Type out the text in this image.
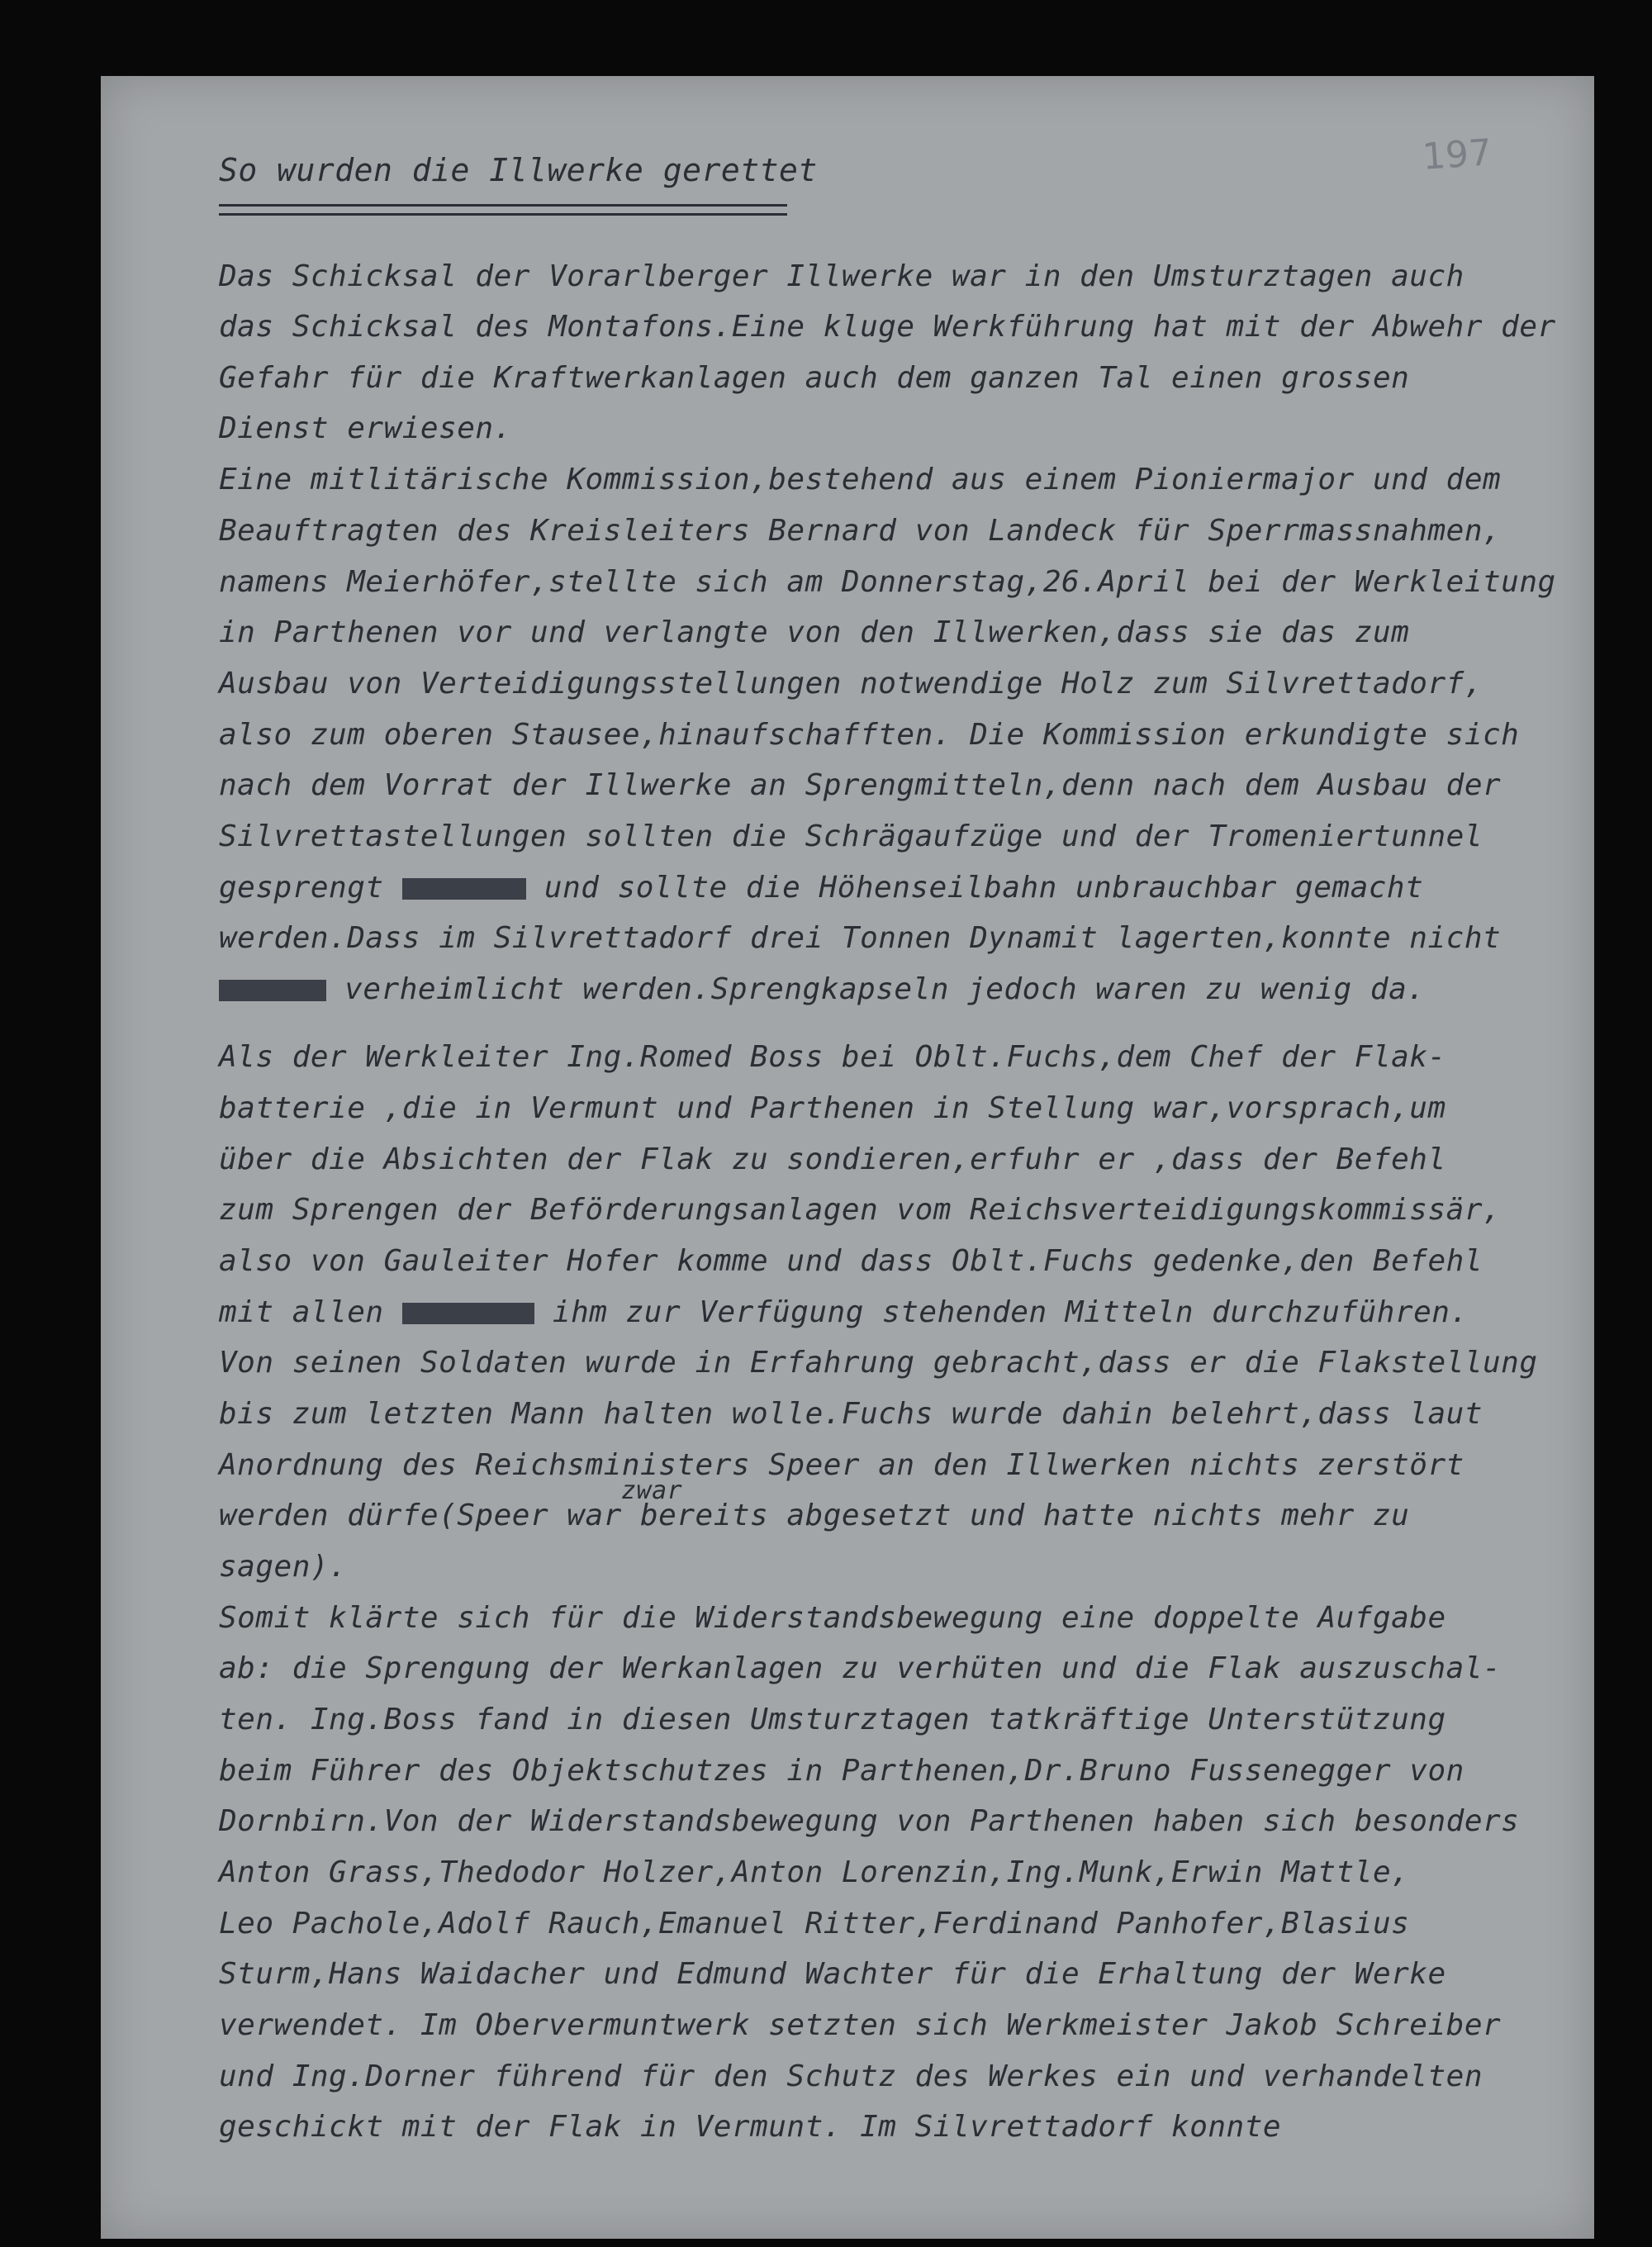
197
So wurden die Illwerke gerettet
Das Schicksal der Vorarlberger Illwerke war in den Umsturztagen auch
das Schicksal des Montafons.Eine kluge Werkführung hat mit der Abwehr der
Gefahr für die Kraftwerkanlagen auch dem ganzen Tal einen grossen
Dienst erwiesen.
Eine mitlitärische Kommission,bestehend aus einem Pioniermajor und dem
Beauftragten des Kreisleiters Bernard von Landeck für Sperrmassnahmen,
namens Meierhöfer,stellte sich am Donnerstag,26.April bei der Werkleitung
in Parthenen vor und verlangte von den Illwerken,dass sie das zum
Ausbau von Verteidigungsstellungen notwendige Holz zum Silvrettadorf,
also zum oberen Stausee,hinaufschafften. Die Kommission erkundigte sich
nach dem Vorrat der Illwerke an Sprengmitteln,denn nach dem Ausbau der
Silvrettastellungen sollten die Schrägaufzüge und der Tromeniertunnel
gesprengt	und sollte die Höhenseilbahn unbrauchbar gemacht
werden.Dass im Silvrettadorf drei Tonnen Dynamit lagerten,konnte nicht
verheimlicht werden.Sprengkapseln jedoch waren zu wenig da.
Als der Werkleiter Ing.Romed Boss bei Oblt.Fuchs,dem Chef der Flak-
batterie ,die in Vermunt und Parthenen in Stellung war,vorsprach,um
über die Absichten der Flak zu sondieren,erfuhr er ,dass der Befehl
zum Sprengen der Beförderungsanlagen vom Reichsverteidigungskommissär,
also von Gauleiter Hofer komme und dass Oblt.Fuchs gedenke,den Befehl
mit allen	ihm zur Verfügung stehenden Mitteln durchzuführen.
Von seinen Soldaten wurde in Erfahrung gebracht,dass er die Flakstellung
bis zum letzten Mann halten wolle.Fuchs wurde dahin belehrt,dass laut
Anordnung des Reichsministers Speer an den Illwerken nichts zerstört
zwar
werden dürfe(Speer war bereits abgesetzt und hatte nichts mehr zu
sagen).
Somit klärte sich für die Widerstandsbewegung eine doppelte Aufgabe
ab: die Sprengung der Werkanlagen zu verhüten und die Flak auszuschal-
ten. Ing.Boss fand in diesen Umsturztagen tatkräftige Unterstützung
beim Führer des Objektschutzes in Parthenen,Dr.Bruno Fussenegger von
Dornbirn.Von der Widerstandsbewegung von Parthenen haben sich besonders
Anton Grass,Thedodor Holzer,Anton Lorenzin,Ing.Munk,Erwin Mattle,
Leo Pachole,Adolf Rauch,Emanuel Ritter,Ferdinand Panhofer,Blasius
Sturm,Hans Waidacher und Edmund Wachter für die Erhaltung der Werke
verwendet. Im Obervermuntwerk setzten sich Werkmeister Jakob Schreiber
und Ing.Dorner führend für den Schutz des Werkes ein und verhandelten
geschickt mit der Flak in Vermunt. Im Silvrettadorf konnte
